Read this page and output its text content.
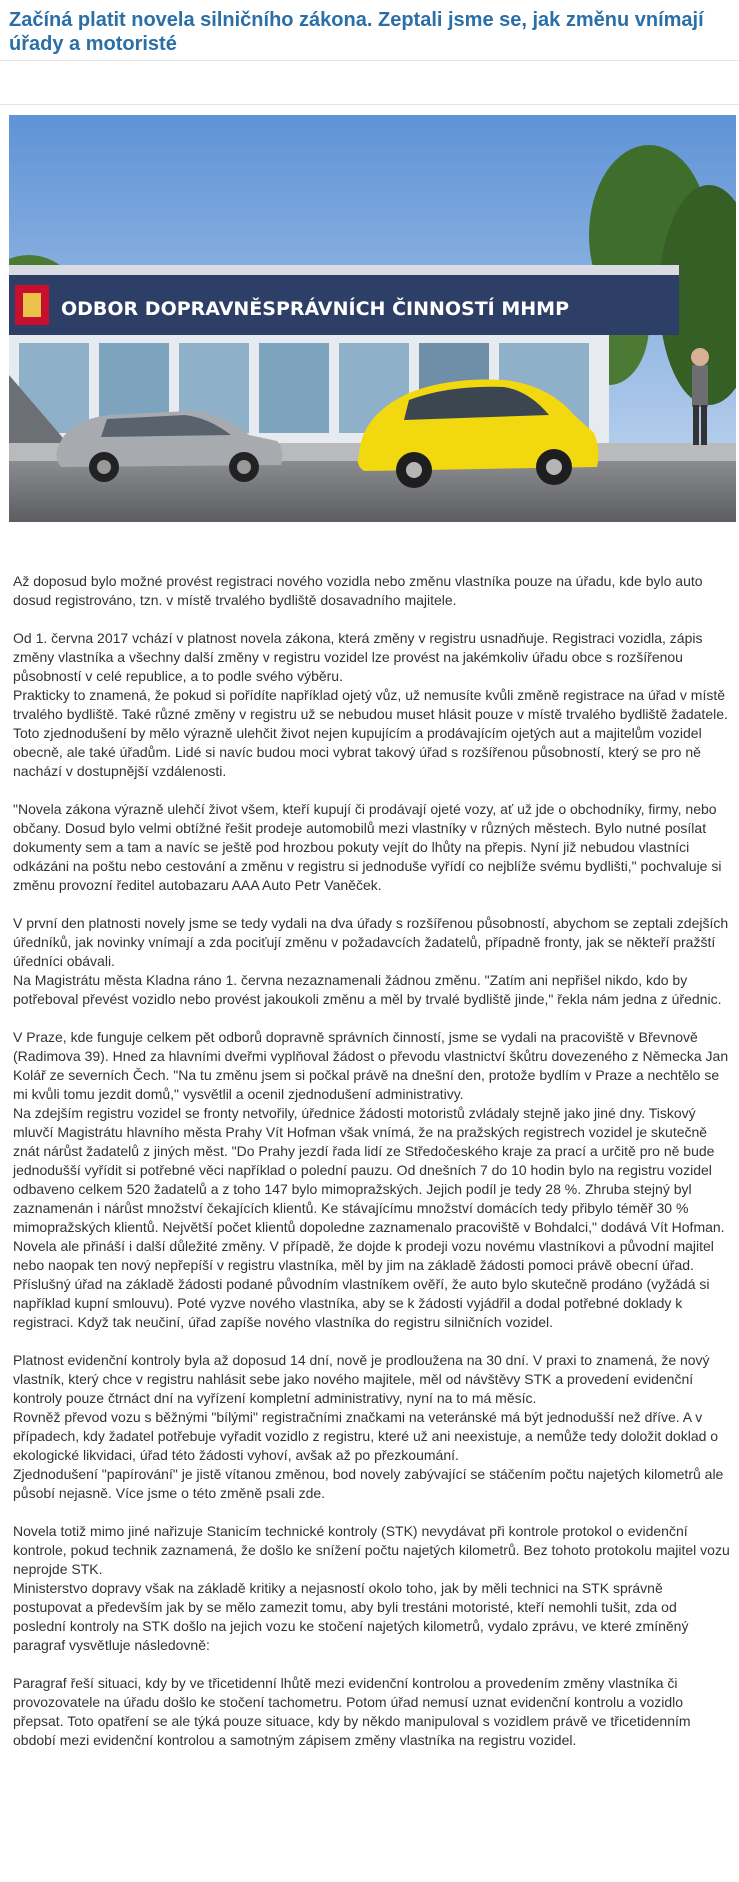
Začíná platit novela silničního zákona. Zeptali jsme se, jak změnu vnímají úřady a motoristé
ODBOR DOPRAVNĚSPRÁVNÍCH ČINNOSTÍ MHMP

Až doposud bylo možné provést registraci nového vozidla nebo změnu vlastníka pouze na úřadu, kde bylo auto dosud registrováno, tzn. v místě trvalého bydliště dosavadního majitele.

Od 1. června 2017 vchází v platnost novela zákona, která změny v registru usnadňuje. Registraci vozidla, zápis změny vlastníka a všechny další změny v registru vozidel lze provést na jakémkoliv úřadu obce s rozšířenou působností v celé republice, a to podle svého výběru.
Prakticky to znamená, že pokud si pořídíte například ojetý vůz, už nemusíte kvůli změně registrace na úřad v místě trvalého bydliště. Také různé změny v registru už se nebudou muset hlásit pouze v místě trvalého bydliště žadatele.
Toto zjednodušení by mělo výrazně ulehčit život nejen kupujícím a prodávajícím ojetých aut a majitelům vozidel obecně, ale také úřadům. Lidé si navíc budou moci vybrat takový úřad s rozšířenou působností, který se pro ně nachází v dostupnější vzdálenosti.

"Novela zákona výrazně ulehčí život všem, kteří kupují či prodávají ojeté vozy, ať už jde o obchodníky, firmy, nebo občany. Dosud bylo velmi obtížné řešit prodeje automobilů mezi vlastníky v různých městech. Bylo nutné posílat dokumenty sem a tam a navíc se ještě pod hrozbou pokuty vejít do lhůty na přepis. Nyní již nebudou vlastníci odkázáni na poštu nebo cestování a změnu v registru si jednoduše vyřídí co nejblíže svému bydlišti," pochvaluje si změnu provozní ředitel autobazaru AAA Auto Petr Vaněček.

V první den platnosti novely jsme se tedy vydali na dva úřady s rozšířenou působností, abychom se zeptali zdejších úředníků, jak novinky vnímají a zda pociťují změnu v požadavcích žadatelů, případně fronty, jak se někteří pražští úředníci obávali.
Na Magistrátu města Kladna ráno 1. června nezaznamenali žádnou změnu. "Zatím ani nepřišel nikdo, kdo by potřeboval převést vozidlo nebo provést jakoukoli změnu a měl by trvalé bydliště jinde," řekla nám jedna z úřednic.

V Praze, kde funguje celkem pět odborů dopravně správních činností, jsme se vydali na pracoviště v Břevnově (Radimova 39). Hned za hlavními dveřmi vyplňoval žádost o převodu vlastnictví škůtru dovezeného z Německa Jan Kolář ze severních Čech. "Na tu změnu jsem si počkal právě na dnešní den, protože bydlím v Praze a nechtělo se mi kvůli tomu jezdit domů," vysvětlil a ocenil zjednodušení administrativy.
Na zdejším registru vozidel se fronty netvořily, úřednice žádosti motoristů zvládaly stejně jako jiné dny. Tiskový mluvčí Magistrátu hlavního města Prahy Vít Hofman však vnímá, že na pražských registrech vozidel je skutečně znát nárůst žadatelů z jiných měst. "Do Prahy jezdí řada lidí ze Středočeského kraje za prací a určitě pro ně bude jednodušší vyřídit si potřebné věci například o polední pauzu. Od dnešních 7 do 10 hodin bylo na registru vozidel odbaveno celkem 520 žadatelů a z toho 147 bylo mimopražských. Jejich podíl je tedy 28 %. Zhruba stejný byl zaznamenán i nárůst množství čekajících klientů. Ke stávajícímu množství domácích tedy přibylo téměř 30 % mimopražských klientů. Největší počet klientů dopoledne zaznamenalo pracoviště v Bohdalci," dodává Vít Hofman.
Novela ale přináší i další důležité změny. V případě, že dojde k prodeji vozu novému vlastníkovi a původní majitel nebo naopak ten nový nepřepíší v registru vlastníka, měl by jim na základě žádosti pomoci právě obecní úřad. Příslušný úřad na základě žádosti podané původním vlastníkem ověří, že auto bylo skutečně prodáno (vyžádá si například kupní smlouvu). Poté vyzve nového vlastníka, aby se k žádosti vyjádřil a dodal potřebné doklady k registraci. Když tak neučiní, úřad zapíše nového vlastníka do registru silničních vozidel.

Platnost evidenční kontroly byla až doposud 14 dní, nově je prodloužena na 30 dní. V praxi to znamená, že nový vlastník, který chce v registru nahlásit sebe jako nového majitele, měl od návštěvy STK a provedení evidenční kontroly pouze čtrnáct dní na vyřízení kompletní administrativy, nyní na to má měsíc.
Rovněž převod vozu s běžnými "bílými" registračními značkami na veteránské má být jednodušší než dříve. A v případech, kdy žadatel potřebuje vyřadit vozidlo z registru, které už ani neexistuje, a nemůže tedy doložit doklad o ekologické likvidaci, úřad této žádosti vyhoví, avšak až po přezkoumání.
Zjednodušení "papírování" je jistě vítanou změnou, bod novely zabývající se stáčením počtu najetých kilometrů ale působí nejasně. Více jsme o této změně psali zde.

Novela totiž mimo jiné nařizuje Stanicím technické kontroly (STK) nevydávat při kontrole protokol o evidenční kontrole, pokud technik zaznamená, že došlo ke snížení počtu najetých kilometrů. Bez tohoto protokolu majitel vozu neprojde STK.
Ministerstvo dopravy však na základě kritiky a nejasností okolo toho, jak by měli technici na STK správně postupovat a především jak by se mělo zamezit tomu, aby byli trestáni motoristé, kteří nemohli tušit, zda od poslední kontroly na STK došlo na jejich vozu ke stočení najetých kilometrů, vydalo zprávu, ve které zmíněný paragraf vysvětluje následovně:

Paragraf řeší situaci, kdy by ve třicetidenní lhůtě mezi evidenční kontrolou a provedením změny vlastníka či provozovatele na úřadu došlo ke stočení tachometru. Potom úřad nemusí uznat evidenční kontrolu a vozidlo přepsat. Toto opatření se ale týká pouze situace, kdy by někdo manipuloval s vozidlem právě ve třicetidenním období mezi evidenční kontrolou a samotným zápisem změny vlastníka na registru vozidel.
